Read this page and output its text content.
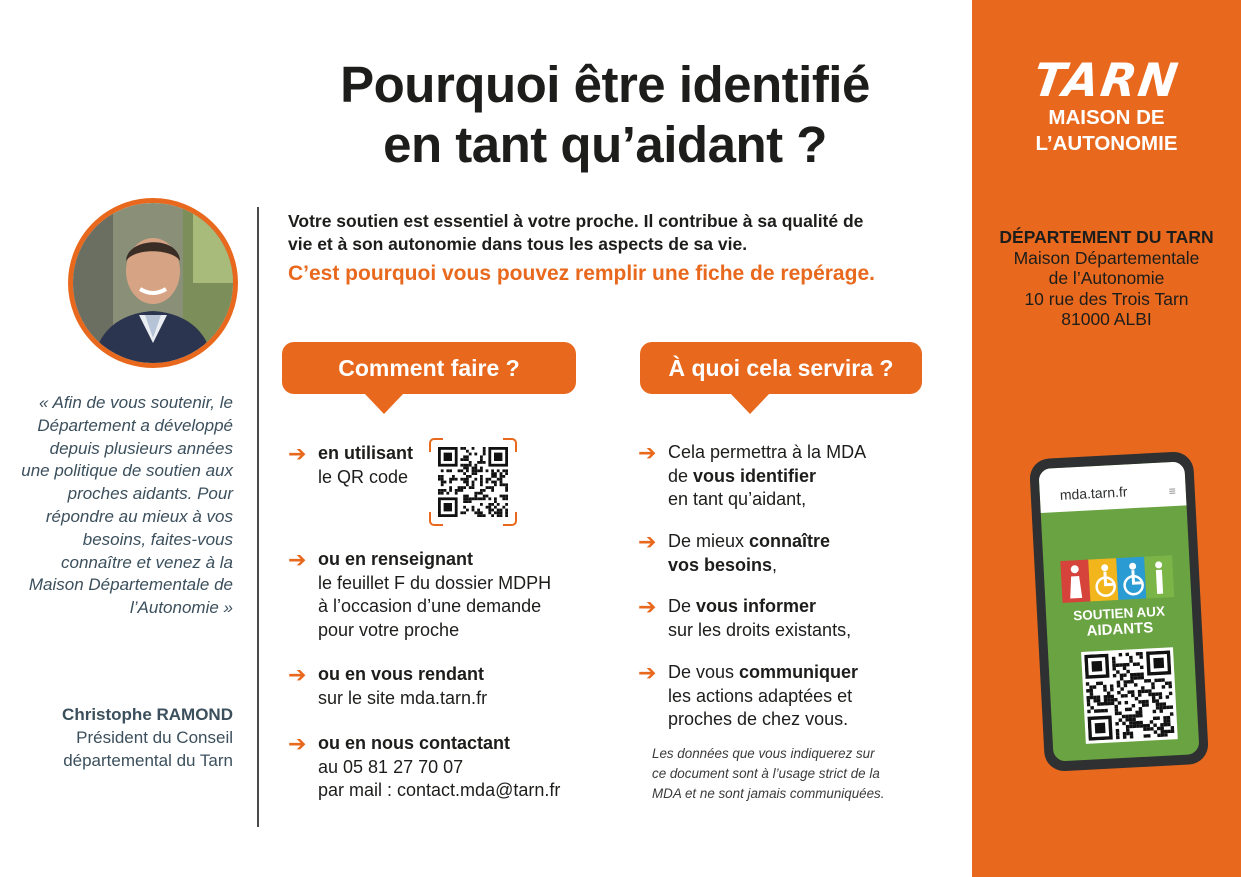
Pourquoi être identifié
en tant qu’aidant ?
« Afin de vous soutenir, le Département a développé depuis plusieurs années une politique de soutien aux proches aidants. Pour répondre au mieux à vos besoins, faites-vous connaître et venez à la Maison Départementale de l’Autonomie »
Christophe RAMOND
Président du Conseil
départemental du Tarn
Votre soutien est essentiel à votre proche. Il contribue à sa qualité de
vie et à son autonomie dans tous les aspects de sa vie.
C’est pourquoi vous pouvez remplir une fiche de repérage.
Comment faire ?	À quoi cela servira ?
➔ en utilisant
le QR code
➔ ou en renseignant
le feuillet F du dossier MDPH
à l’occasion d’une demande
pour votre proche
➔ ou en vous rendant
sur le site mda.tarn.fr
➔ ou en nous contactant
au 05 81 27 70 07
par mail : contact.mda@tarn.fr
➔ Cela permettra à la MDA
de vous identifier
en tant qu’aidant,
➔ De mieux connaître
vos besoins,
➔ De vous informer
sur les droits existants,
➔ De vous communiquer
les actions adaptées et
proches de chez vous.
Les données que vous indiquerez sur
ce document sont à l’usage strict de la
MDA et ne sont jamais communiquées.
TARN
MAISON DE
L’AUTONOMIE
DÉPARTEMENT DU TARN
Maison Départementale
de l’Autonomie
10 rue des Trois Tarn
81000 ALBI
mda.tarn.fr	≡
SOUTIEN AUX
AIDANTS
